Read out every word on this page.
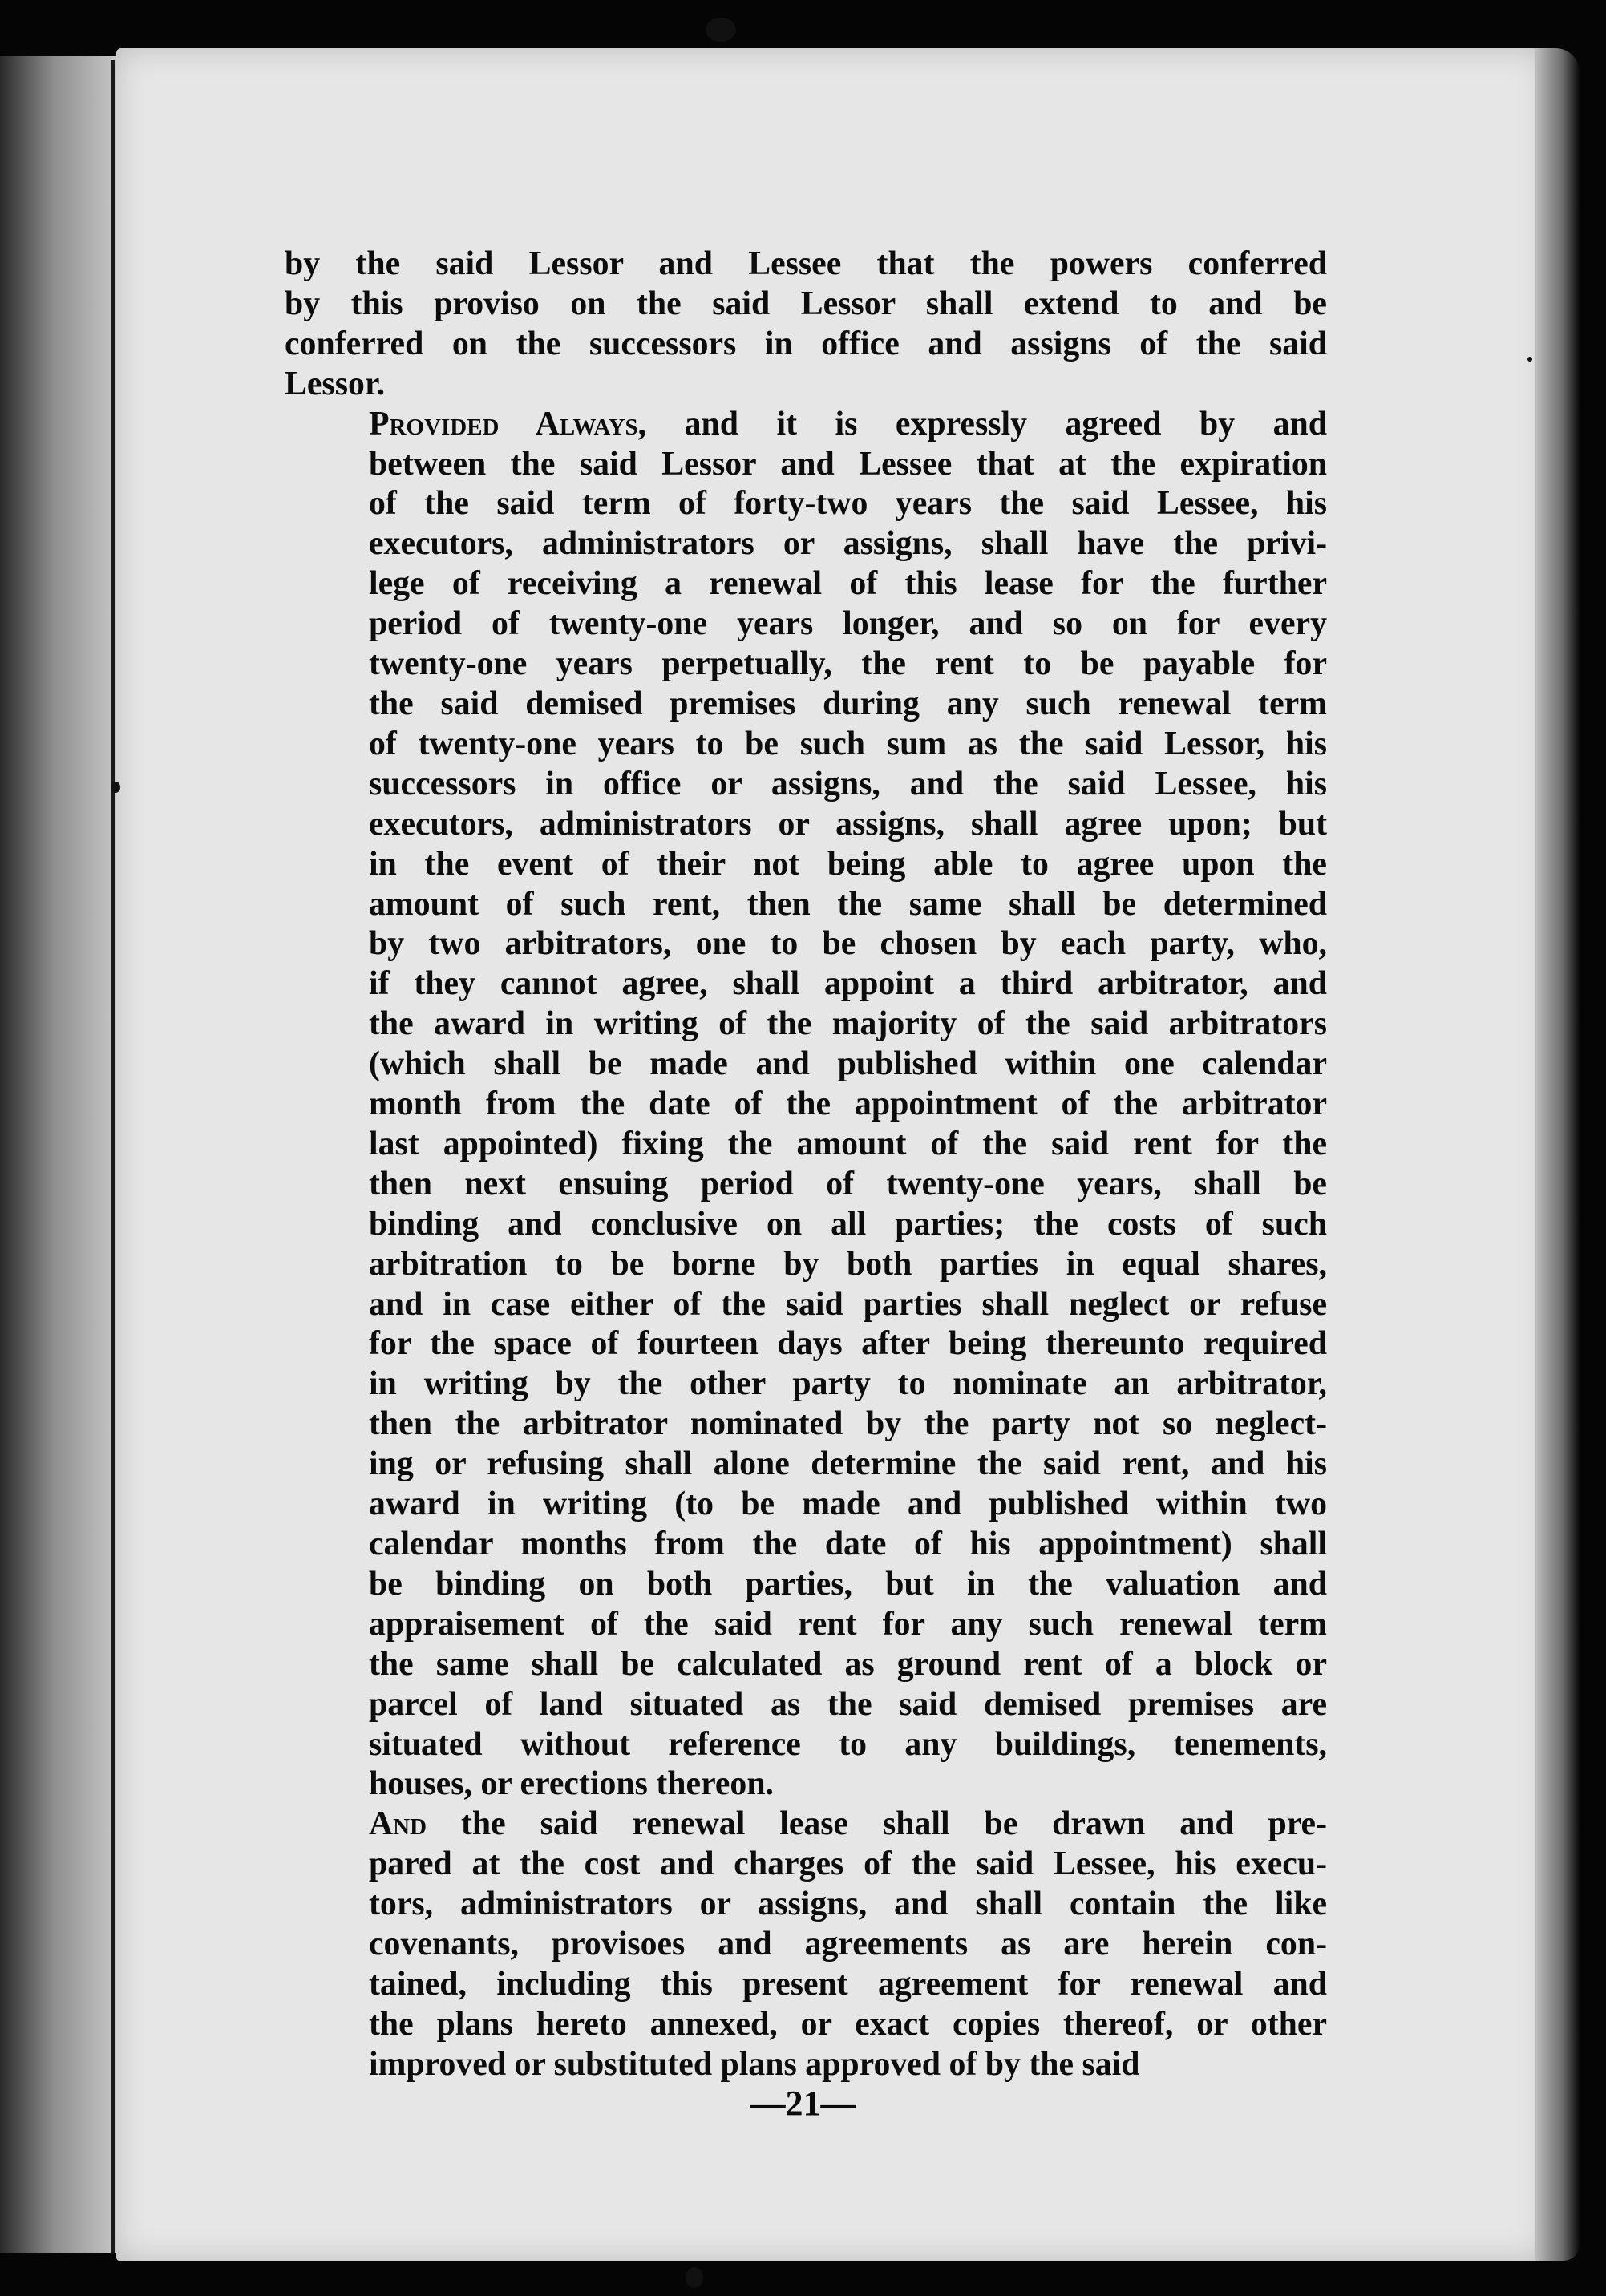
by the said Lessor and Lessee that the powers conferred
by this proviso on the said Lessor shall extend to and be
conferred on the successors in office and assigns of the said
Lessor.

Provided Always, and it is expressly agreed by and
between the said Lessor and Lessee that at the expiration
of the said term of forty-two years the said Lessee, his
executors, administrators or assigns, shall have the privi-
lege of receiving a renewal of this lease for the further
period of twenty-one years longer, and so on for every
twenty-one years perpetually, the rent to be payable for
the said demised premises during any such renewal term
of twenty-one years to be such sum as the said Lessor, his
successors in office or assigns, and the said Lessee, his
executors, administrators or assigns, shall agree upon; but
in the event of their not being able to agree upon the
amount of such rent, then the same shall be determined
by two arbitrators, one to be chosen by each party, who,
if they cannot agree, shall appoint a third arbitrator, and
the award in writing of the majority of the said arbitrators
(which shall be made and published within one calendar
month from the date of the appointment of the arbitrator
last appointed) fixing the amount of the said rent for the
then next ensuing period of twenty-one years, shall be
binding and conclusive on all parties; the costs of such
arbitration to be borne by both parties in equal shares,
and in case either of the said parties shall neglect or refuse
for the space of fourteen days after being thereunto required
in writing by the other party to nominate an arbitrator,
then the arbitrator nominated by the party not so neglect-
ing or refusing shall alone determine the said rent, and his
award in writing (to be made and published within two
calendar months from the date of his appointment) shall
be binding on both parties, but in the valuation and
appraisement of the said rent for any such renewal term
the same shall be calculated as ground rent of a block or
parcel of land situated as the said demised premises are
situated without reference to any buildings, tenements,
houses, or erections thereon.

And the said renewal lease shall be drawn and pre-
pared at the cost and charges of the said Lessee, his execu-
tors, administrators or assigns, and shall contain the like
covenants, provisoes and agreements as are herein con-
tained, including this present agreement for renewal and
the plans hereto annexed, or exact copies thereof, or other
improved or substituted plans approved of by the said

—21—
